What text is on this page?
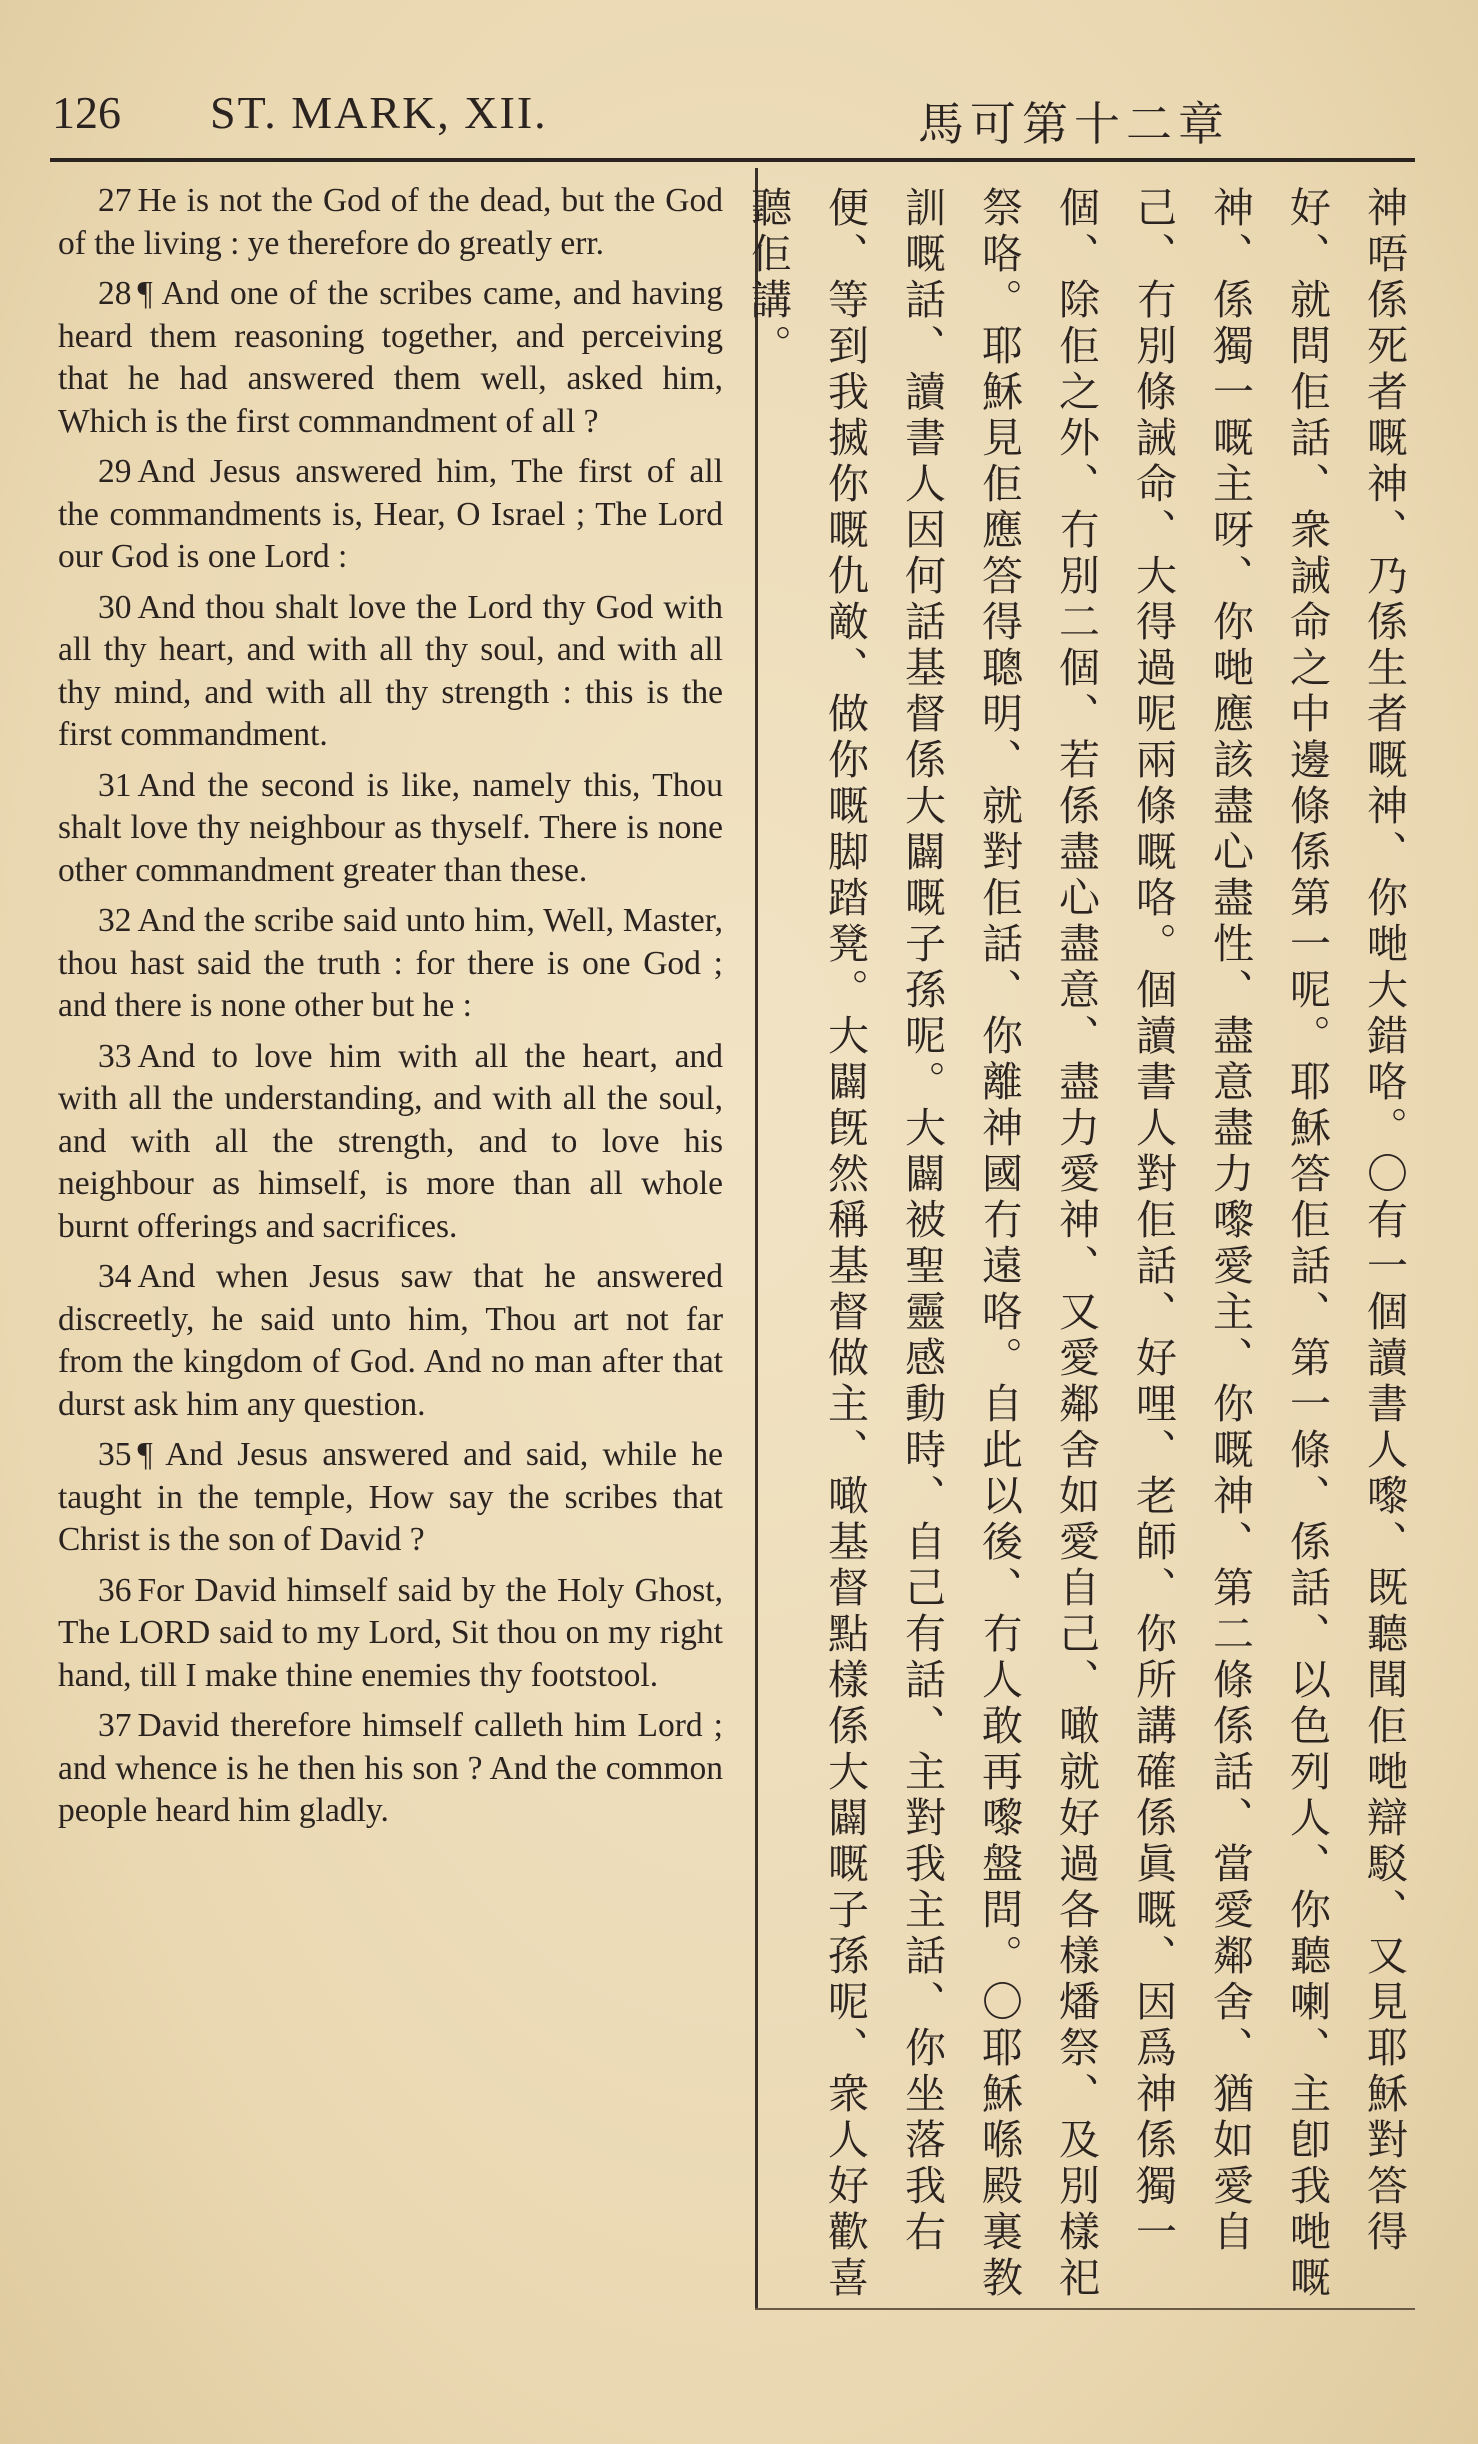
126 ST. MARK, XII.	馬可第十二章

27 He is not the God of the dead, but the God of the living : ye therefore do greatly err.

28 ¶ And one of the scribes came, and having heard them reasoning together, and perceiving that he had answered them well, asked him, Which is the first commandment of all ?

29 And Jesus answered him, The first of all the commandments is, Hear, O Israel ; The Lord our God is one Lord :

30 And thou shalt love the Lord thy God with all thy heart, and with all thy soul, and with all thy mind, and with all thy strength : this is the first commandment.

31 And the second is like, namely this, Thou shalt love thy neighbour as thyself. There is none other commandment greater than these.

32 And the scribe said unto him, Well, Master, thou hast said the truth : for there is one God ; and there is none other but he :

33 And to love him with all the heart, and with all the understanding, and with all the soul, and with all the strength, and to love his neighbour as himself, is more than all whole burnt offerings and sacrifices.

34 And when Jesus saw that he answered discreetly, he said unto him, Thou art not far from the kingdom of God. And no man after that durst ask him any question.

35 ¶ And Jesus answered and said, while he taught in the temple, How say the scribes that Christ is the son of David ?

36 For David himself said by the Holy Ghost, The LORD said to my Lord, Sit thou on my right hand, till I make thine enemies thy footstool.

37 David therefore himself calleth him Lord ; and whence is he then his son ? And the common people heard him gladly.	神唔係死者嘅神、乃係生者嘅神、你哋大錯咯。〇有一個讀書人嚟、既聽聞佢哋辯駁、又見耶穌對答得好、就問佢話、衆誡命之中邊條係第一呢。耶穌答佢話、第一條、係話、以色列人、你聽喇、主卽我哋嘅神、係獨一嘅主呀、你哋應該盡心盡性、盡意盡力嚟愛主、你嘅神、第二條係話、當愛鄰舍、猶如愛自己、冇別條誡命、大得過呢兩條嘅咯。個讀書人對佢話、好哩、老師、你所講確係眞嘅、因爲神係獨一個、除佢之外、冇別二個、若係盡心盡意、盡力愛神、又愛鄰舍如愛自己、噉就好過各樣燔祭、及別樣祀祭咯。耶穌見佢應答得聰明、就對佢話、你離神國冇遠咯。自此以後、冇人敢再嚟盤問。〇耶穌喺殿裏教訓嘅話、讀書人因何話基督係大闢嘅子孫呢。大闢被聖靈感動時、自己有話、主對我主話、你坐落我右便、等到我搣你嘅仇敵、做你嘅脚踏凳。大闢旣然稱基督做主、噉基督點樣係大闢嘅子孫呢、衆人好歡喜聽佢講。
